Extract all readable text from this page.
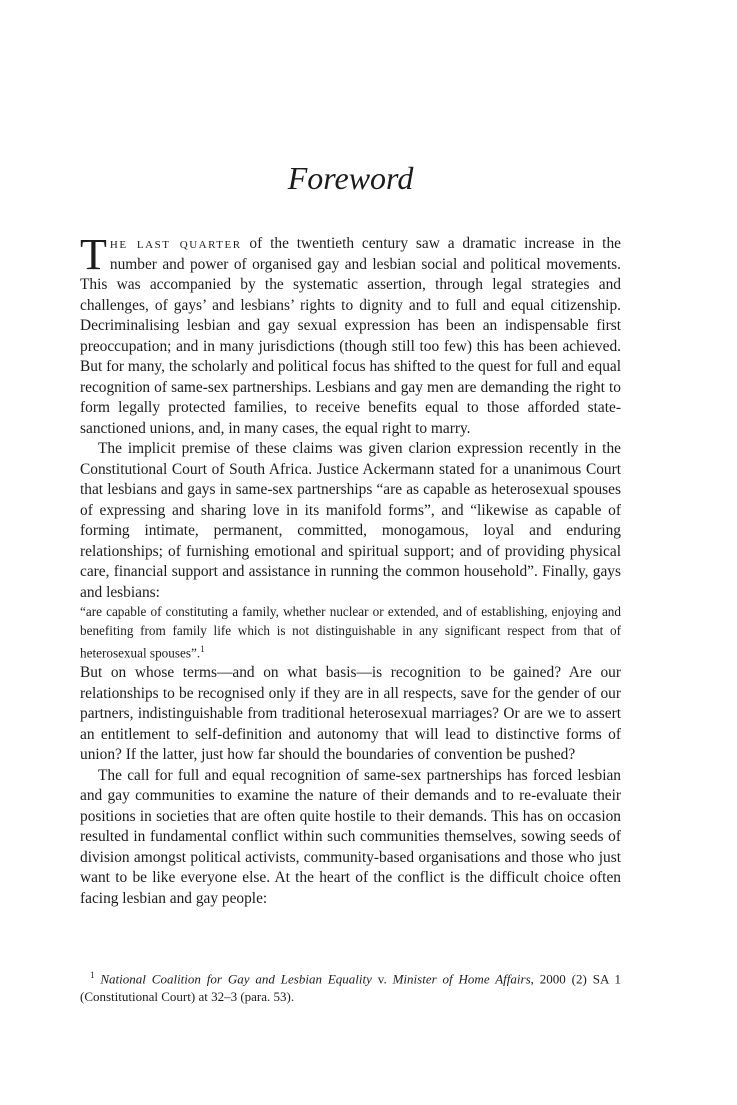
Foreword

The last quarter of the twentieth century saw a dramatic increase in the number and power of organised gay and lesbian social and political movements. This was accompanied by the systematic assertion, through legal strategies and challenges, of gays’ and lesbians’ rights to dignity and to full and equal citizenship. Decriminalising lesbian and gay sexual expression has been an indispensable first preoccupation; and in many jurisdictions (though still too few) this has been achieved. But for many, the scholarly and political focus has shifted to the quest for full and equal recognition of same-sex partnerships. Lesbians and gay men are demanding the right to form legally protected families, to receive benefits equal to those afforded state-sanctioned unions, and, in many cases, the equal right to marry.

The implicit premise of these claims was given clarion expression recently in the Constitutional Court of South Africa. Justice Ackermann stated for a unanimous Court that lesbians and gays in same-sex partnerships “are as capable as heterosexual spouses of expressing and sharing love in its manifold forms”, and “likewise as capable of forming intimate, permanent, committed, monogamous, loyal and enduring relationships; of furnishing emotional and spiritual support; and of providing physical care, financial support and assistance in running the common household”. Finally, gays and lesbians:

“are capable of constituting a family, whether nuclear or extended, and of establishing, enjoying and benefiting from family life which is not distinguishable in any significant respect from that of heterosexual spouses”.$^1$

But on whose terms—and on what basis—is recognition to be gained? Are our relationships to be recognised only if they are in all respects, save for the gender of our partners, indistinguishable from traditional heterosexual marriages? Or are we to assert an entitlement to self-definition and autonomy that will lead to distinctive forms of union? If the latter, just how far should the boundaries of convention be pushed?

The call for full and equal recognition of same-sex partnerships has forced lesbian and gay communities to examine the nature of their demands and to re-evaluate their positions in societies that are often quite hostile to their demands. This has on occasion resulted in fundamental conflict within such communities themselves, sowing seeds of division amongst political activists, community-based organisations and those who just want to be like everyone else. At the heart of the conflict is the difficult choice often facing lesbian and gay people:

$^1$ National Coalition for Gay and Lesbian Equality v. Minister of Home Affairs, 2000 (2) SA 1 (Constitutional Court) at 32–3 (para. 53).
